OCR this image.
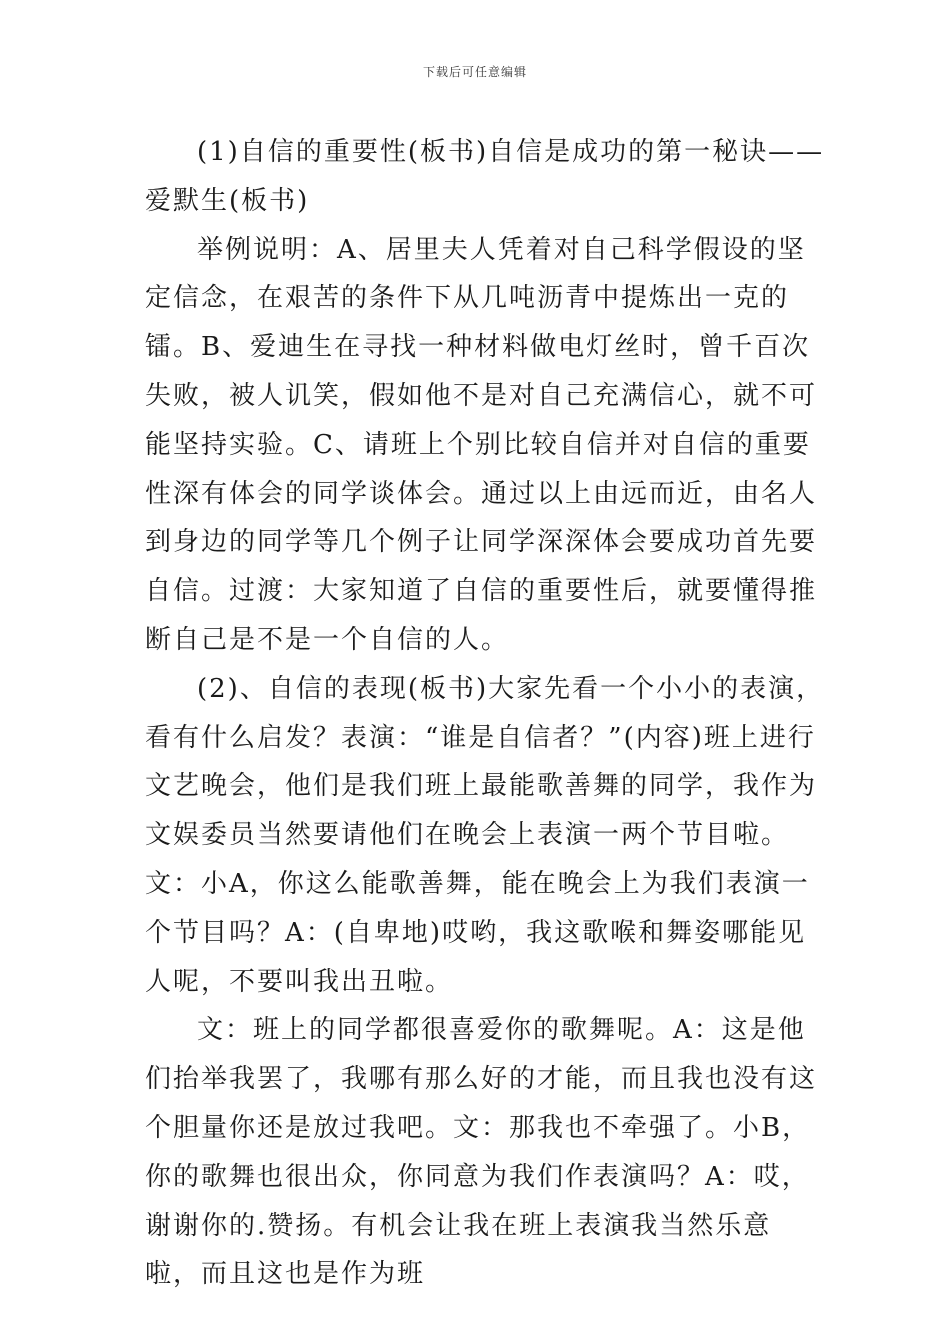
下载后可任意编辑

(1)自信的重要性(板书)自信是成功的第一秘诀——爱默生(板书)

举例说明：A、居里夫人凭着对自己科学假设的坚定信念，在艰苦的条件下从几吨沥青中提炼出一克的镭。B、爱迪生在寻找一种材料做电灯丝时，曾千百次失败，被人讥笑，假如他不是对自己充满信心，就不可能坚持实验。C、请班上个别比较自信并对自信的重要性深有体会的同学谈体会。通过以上由远而近，由名人到身边的同学等几个例子让同学深深体会要成功首先要自信。过渡：大家知道了自信的重要性后，就要懂得推断自己是不是一个自信的人。

(2)、自信的表现(板书)大家先看一个小小的表演，看有什么启发？表演：“谁是自信者？”(内容)班上进行文艺晚会，他们是我们班上最能歌善舞的同学，我作为文娱委员当然要请他们在晚会上表演一两个节目啦。文：小A，你这么能歌善舞，能在晚会上为我们表演一个节目吗？A：(自卑地)哎哟，我这歌喉和舞姿哪能见人呢，不要叫我出丑啦。

文：班上的同学都很喜爱你的歌舞呢。A：这是他们抬举我罢了，我哪有那么好的才能，而且我也没有这个胆量你还是放过我吧。文：那我也不牵强了。小B，你的歌舞也很出众，你同意为我们作表演吗？A：哎，谢谢你的.赞扬。有机会让我在班上表演我当然乐意啦，而且这也是作为班
